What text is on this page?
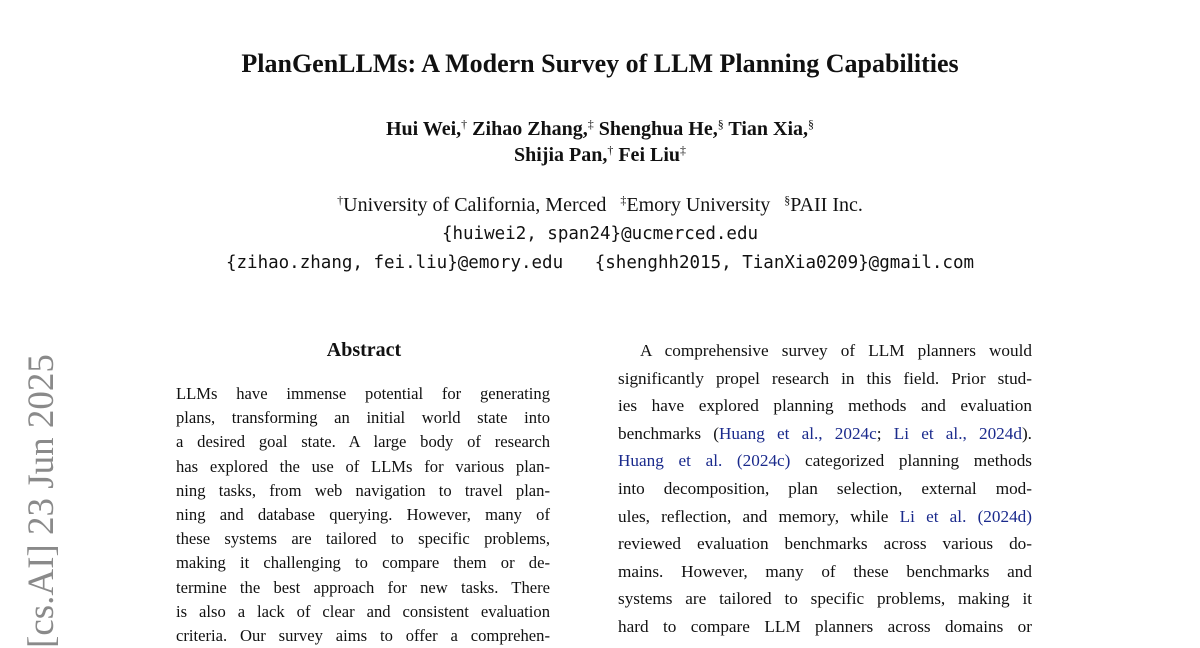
PlanGenLLMs: A Modern Survey of LLM Planning Capabilities
Hui Wei,† Zihao Zhang,‡ Shenghua He,§ Tian Xia,§
Shijia Pan,† Fei Liu‡
†University of California, Merced ‡Emory University §PAII Inc.
{huiwei2, span24}@ucmerced.edu
{zihao.zhang, fei.liu}@emory.edu   {shenghh2015, TianXia0209}@gmail.com
Abstract
LLMs have immense potential for generating
plans, transforming an initial world state into
a desired goal state. A large body of research
has explored the use of LLMs for various plan-
ning tasks, from web navigation to travel plan-
ning and database querying. However, many of
these systems are tailored to specific problems,
making it challenging to compare them or de-
termine the best approach for new tasks. There
is also a lack of clear and consistent evaluation
criteria. Our survey aims to offer a comprehen-
A comprehensive survey of LLM planners would
significantly propel research in this field. Prior stud-
ies have explored planning methods and evaluation
benchmarks (Huang et al., 2024c; Li et al., 2024d).
Huang et al. (2024c) categorized planning methods
into decomposition, plan selection, external mod-
ules, reflection, and memory, while Li et al. (2024d)
reviewed evaluation benchmarks across various do-
mains. However, many of these benchmarks and
systems are tailored to specific problems, making it
hard to compare LLM planners across domains or
[cs.AI] 23 Jun 2025
